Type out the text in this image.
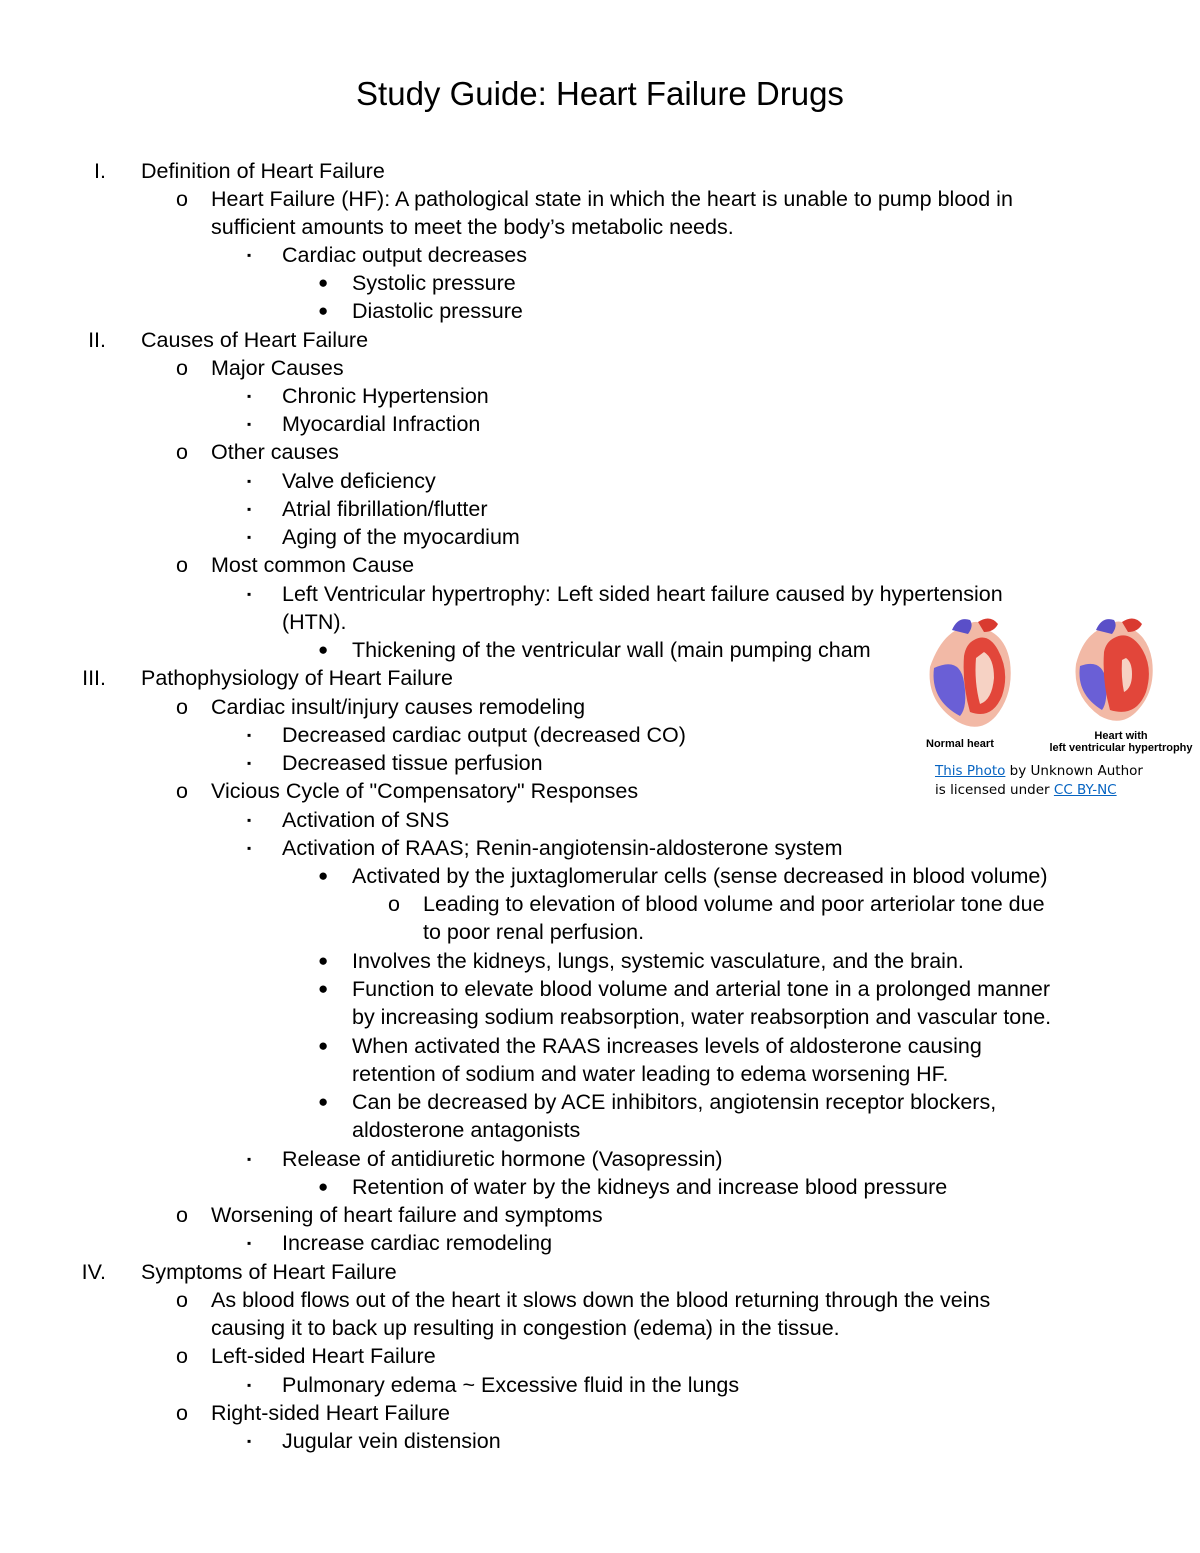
Study Guide: Heart Failure Drugs
I. Definition of Heart Failure
o Heart Failure (HF): A pathological state in which the heart is unable to pump blood in
sufficient amounts to meet the body’s metabolic needs.
▪ Cardiac output decreases
● Systolic pressure
● Diastolic pressure
II. Causes of Heart Failure
o Major Causes
▪ Chronic Hypertension
▪ Myocardial Infraction
o Other causes
▪ Valve deficiency
▪ Atrial fibrillation/flutter
▪ Aging of the myocardium
o Most common Cause
▪ Left Ventricular hypertrophy: Left sided heart failure caused by hypertension
(HTN).
● Thickening of the ventricular wall (main pumping cham
III. Pathophysiology of Heart Failure
o Cardiac insult/injury causes remodeling
▪ Decreased cardiac output (decreased CO)
▪ Decreased tissue perfusion
o Vicious Cycle of "Compensatory" Responses
▪ Activation of SNS
▪ Activation of RAAS; Renin-angiotensin-aldosterone system
● Activated by the juxtaglomerular cells (sense decreased in blood volume)
o Leading to elevation of blood volume and poor arteriolar tone due
to poor renal perfusion.
● Involves the kidneys, lungs, systemic vasculature, and the brain.
● Function to elevate blood volume and arterial tone in a prolonged manner
by increasing sodium reabsorption, water reabsorption and vascular tone.
● When activated the RAAS increases levels of aldosterone causing
retention of sodium and water leading to edema worsening HF.
● Can be decreased by ACE inhibitors, angiotensin receptor blockers,
aldosterone antagonists
▪ Release of antidiuretic hormone (Vasopressin)
● Retention of water by the kidneys and increase blood pressure
o Worsening of heart failure and symptoms
▪ Increase cardiac remodeling
IV. Symptoms of Heart Failure
o As blood flows out of the heart it slows down the blood returning through the veins
causing it to back up resulting in congestion (edema) in the tissue.
o Left-sided Heart Failure
▪ Pulmonary edema ~ Excessive fluid in the lungs
o Right-sided Heart Failure
▪ Jugular vein distension
Normal heart
Heart with
left ventricular hypertrophy
This Photo by Unknown Author
is licensed under CC BY-NC
